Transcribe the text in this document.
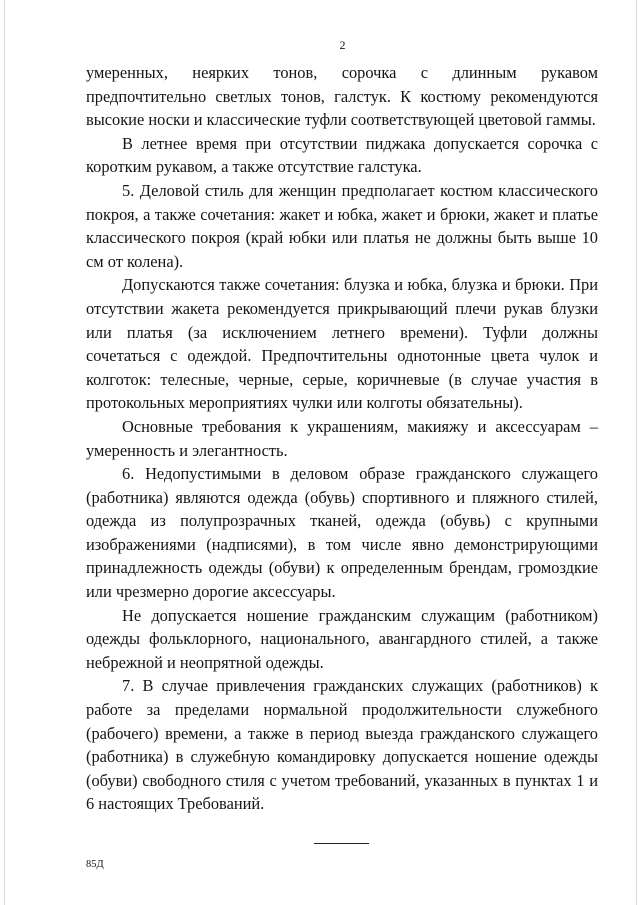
2

умеренных, неярких тонов, сорочка с длинным рукавом предпочтительно светлых тонов, галстук. К костюму рекомендуются высокие носки и классические туфли соответствующей цветовой гаммы.

В летнее время при отсутствии пиджака допускается сорочка с коротким рукавом, а также отсутствие галстука.

5. Деловой стиль для женщин предполагает костюм классического покроя, а также сочетания: жакет и юбка, жакет и брюки, жакет и платье классического покроя (край юбки или платья не должны быть выше 10 см от колена).

Допускаются также сочетания: блузка и юбка, блузка и брюки. При отсутствии жакета рекомендуется прикрывающий плечи рукав блузки или платья (за исключением летнего времени). Туфли должны сочетаться с одеждой. Предпочтительны однотонные цвета чулок и колготок: телесные, черные, серые, коричневые (в случае участия в протокольных мероприятиях чулки или колготы обязательны).

Основные требования к украшениям, макияжу и аксессуарам – умеренность и элегантность.

6. Недопустимыми в деловом образе гражданского служащего (работника) являются одежда (обувь) спортивного и пляжного стилей, одежда из полупрозрачных тканей, одежда (обувь) с крупными изображениями (надписями), в том числе явно демонстрирующими принадлежность одежды (обуви) к определенным брендам, громоздкие или чрезмерно дорогие аксессуары.

Не допускается ношение гражданским служащим (работником) одежды фольклорного, национального, авангардного стилей, а также небрежной и неопрятной одежды.

7. В случае привлечения гражданских служащих (работников) к работе за пределами нормальной продолжительности служебного (рабочего) времени, а также в период выезда гражданского служащего (работника) в служебную командировку допускается ношение одежды (обуви) свободного стиля с учетом требований, указанных в пунктах 1 и 6 настоящих Требований.

85Д
